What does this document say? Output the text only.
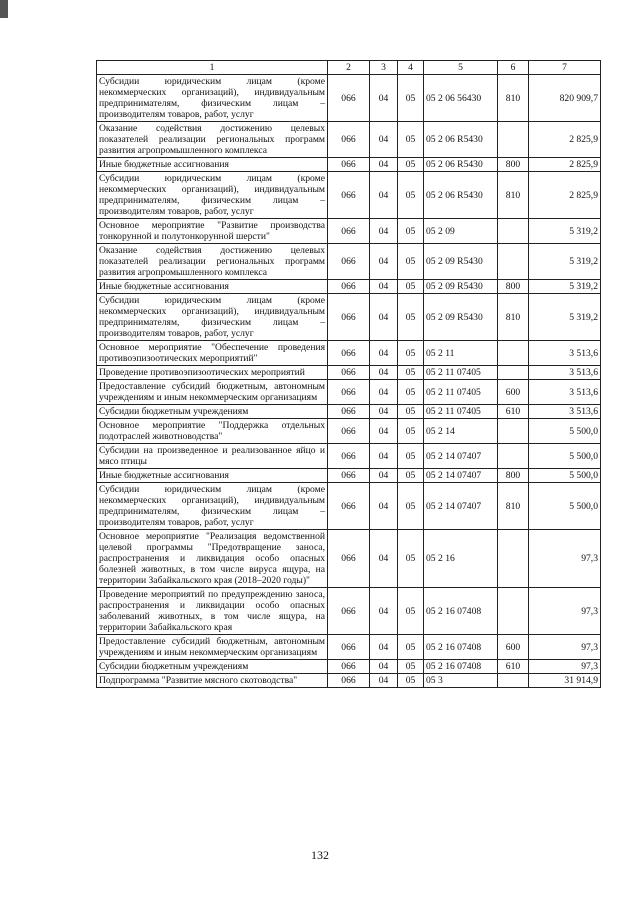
1	2	3	4	5	6	7
Субсидии юридическим лицам (кроме некоммерческих организаций), индивидуальным предпринимателям, физическим лицам – производителям товаров, работ, услуг	066	04	05	05 2 06 56430	810	820 909,7
Оказание содействия достижению целевых показателей реализации региональных программ развития агропромышленного комплекса	066	04	05	05 2 06 R5430		2 825,9
Иные бюджетные ассигнования	066	04	05	05 2 06 R5430	800	2 825,9
Субсидии юридическим лицам (кроме некоммерческих организаций), индивидуальным предпринимателям, физическим лицам – производителям товаров, работ, услуг	066	04	05	05 2 06 R5430	810	2 825,9
Основное мероприятие "Развитие производства тонкорунной и полутонкорунной шерсти"	066	04	05	05 2 09		5 319,2
Оказание содействия достижению целевых показателей реализации региональных программ развития агропромышленного комплекса	066	04	05	05 2 09 R5430		5 319,2
Иные бюджетные ассигнования	066	04	05	05 2 09 R5430	800	5 319,2
Субсидии юридическим лицам (кроме некоммерческих организаций), индивидуальным предпринимателям, физическим лицам – производителям товаров, работ, услуг	066	04	05	05 2 09 R5430	810	5 319,2
Основное мероприятие "Обеспечение проведения противоэпизоотических мероприятий"	066	04	05	05 2 11		3 513,6
Проведение противоэпизоотических мероприятий	066	04	05	05 2 11 07405		3 513,6
Предоставление субсидий бюджетным, автономным учреждениям и иным некоммерческим организациям	066	04	05	05 2 11 07405	600	3 513,6
Субсидии бюджетным учреждениям	066	04	05	05 2 11 07405	610	3 513,6
Основное мероприятие "Поддержка отдельных подотраслей животноводства"	066	04	05	05 2 14		5 500,0
Субсидии на произведенное и реализованное яйцо и мясо птицы	066	04	05	05 2 14 07407		5 500,0
Иные бюджетные ассигнования	066	04	05	05 2 14 07407	800	5 500,0
Субсидии юридическим лицам (кроме некоммерческих организаций), индивидуальным предпринимателям, физическим лицам – производителям товаров, работ, услуг	066	04	05	05 2 14 07407	810	5 500,0
Основное мероприятие "Реализация ведомственной целевой программы "Предотвращение заноса, распространения и ликвидация особо опасных болезней животных, в том числе вируса ящура, на территории Забайкальского края (2018–2020 годы)"	066	04	05	05 2 16		97,3
Проведение мероприятий по предупреждению заноса, распространения и ликвидации особо опасных заболеваний животных, в том числе ящура, на территории Забайкальского края	066	04	05	05 2 16 07408		97,3
Предоставление субсидий бюджетным, автономным учреждениям и иным некоммерческим организациям	066	04	05	05 2 16 07408	600	97,3
Субсидии бюджетным учреждениям	066	04	05	05 2 16 07408	610	97,3
Подпрограмма "Развитие мясного скотоводства"	066	04	05	05 3		31 914,9
132
